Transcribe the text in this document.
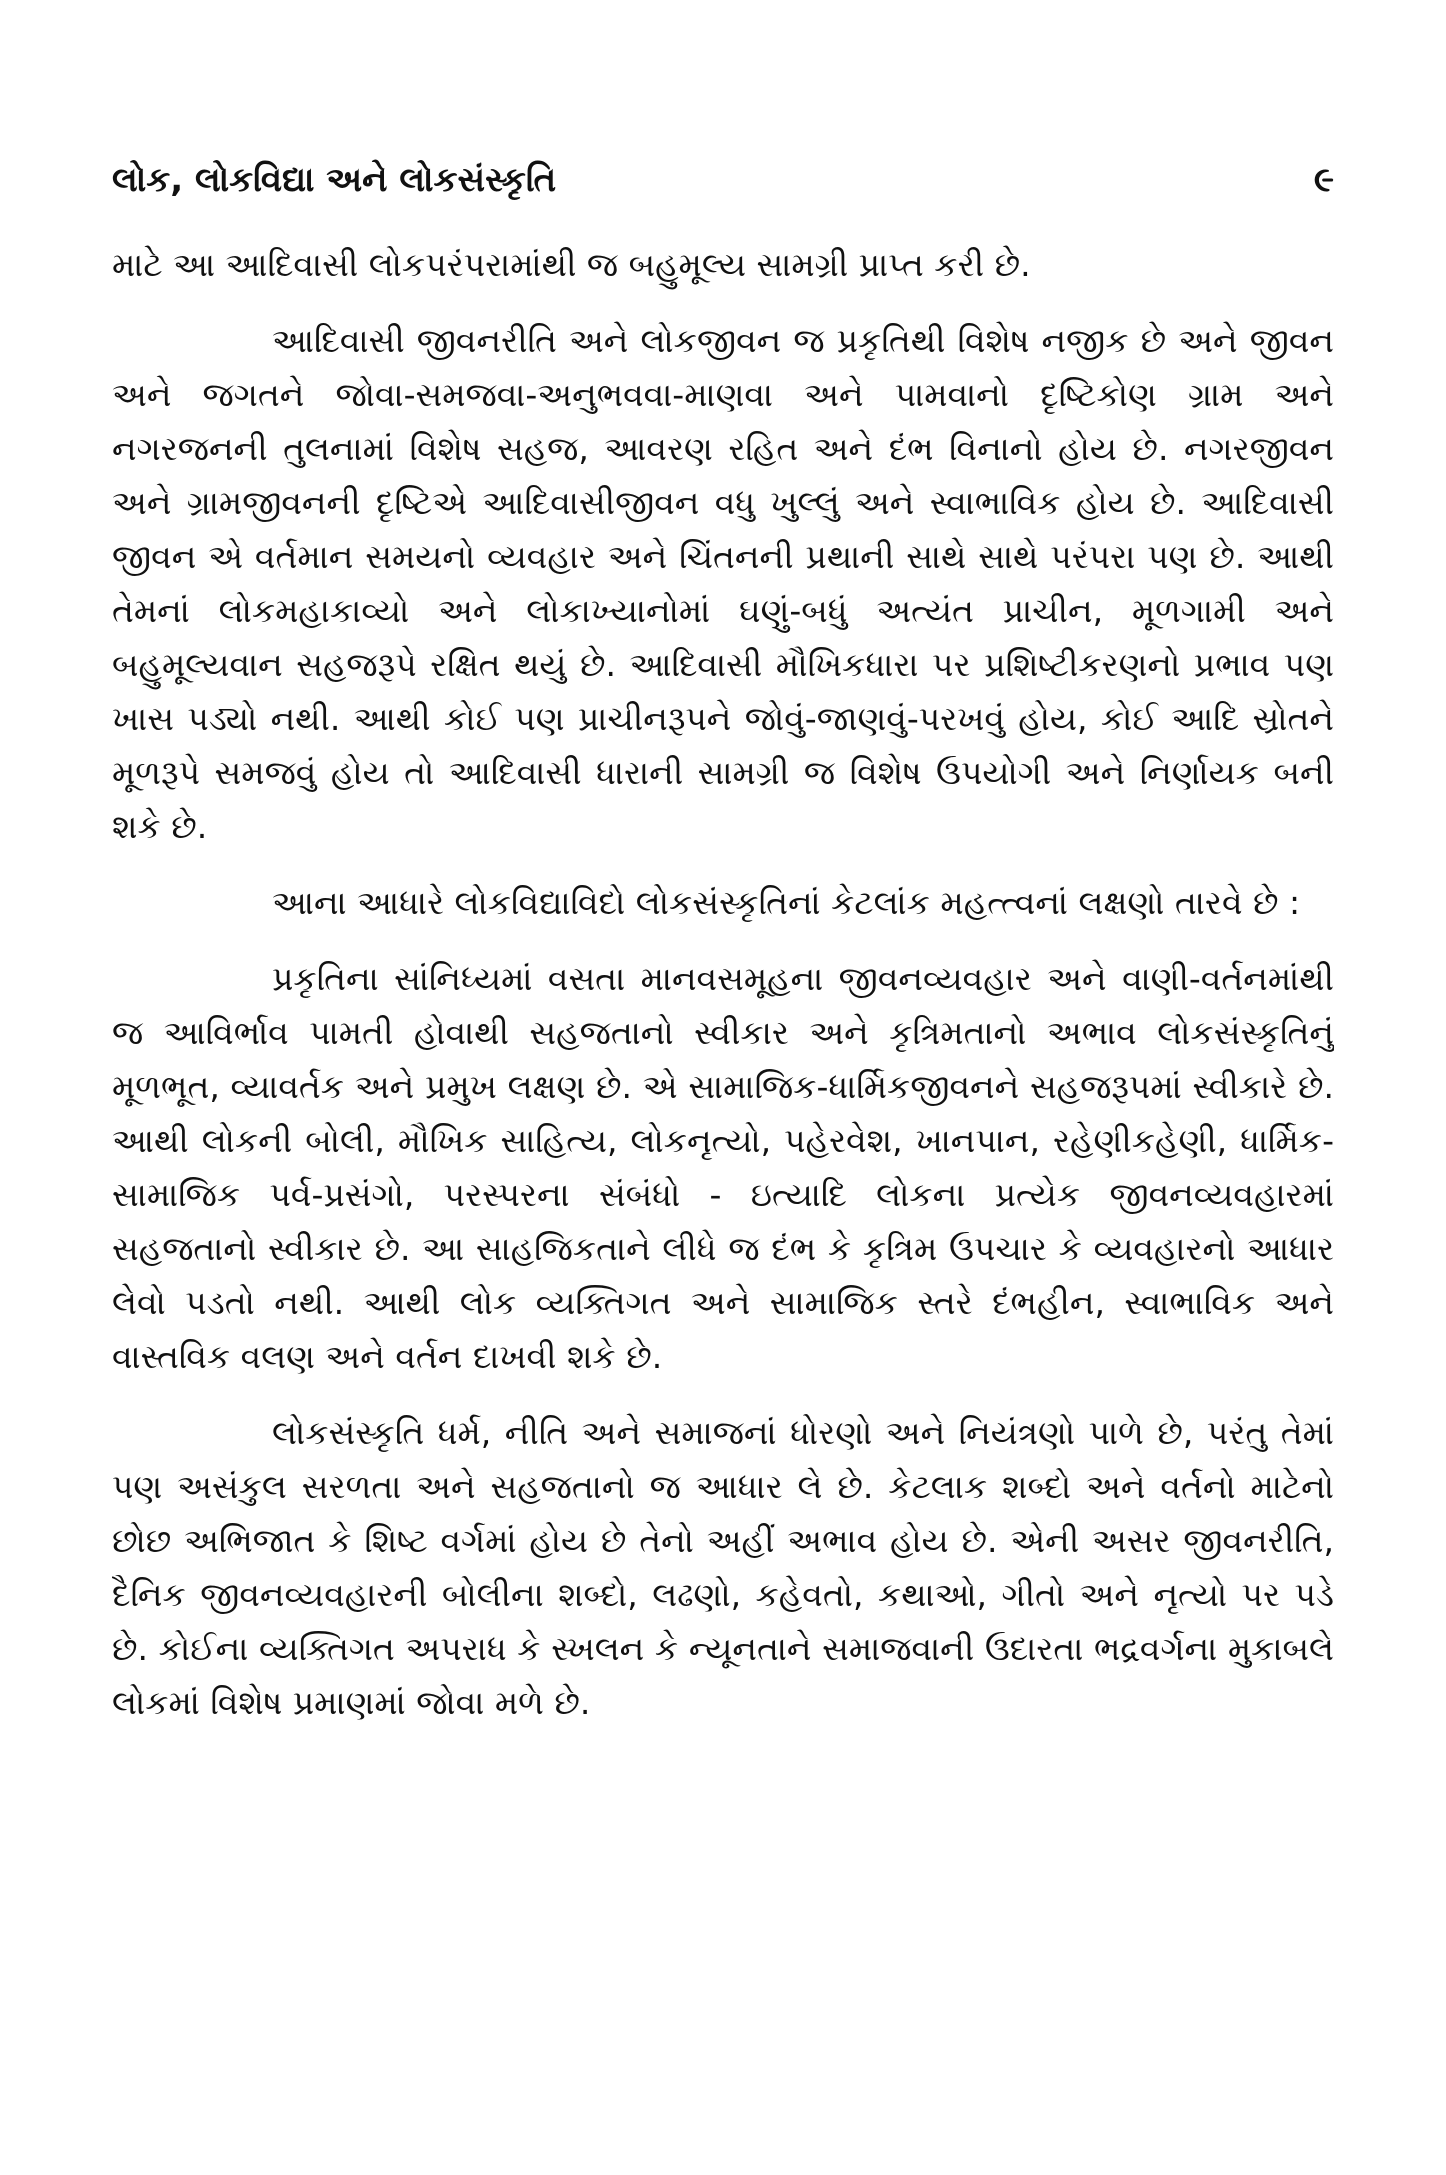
લોક, લોકવિદ્યા અને લોકસંસ્કૃતિ	૯

માટે આ આદિવાસી લોકપરંપરામાંથી જ બહુમૂલ્ય સામગ્રી પ્રાપ્ત કરી છે.

આદિવાસી જીવનરીતિ અને લોકજીવન જ પ્રકૃતિથી વિશેષ નજીક છે અને જીવન અને જગતને જોવા-સમજવા-અનુભવવા-માણવા અને પામવાનો દૃષ્ટિકોણ ગ્રામ અને નગરજનની તુલનામાં વિશેષ સહજ, આવરણ રહિત અને દંભ વિનાનો હોય છે. નગરજીવન અને ગ્રામજીવનની દૃષ્ટિએ આદિવાસીજીવન વધુ ખુલ્લું અને સ્વાભાવિક હોય છે. આદિવાસી જીવન એ વર્તમાન સમયનો વ્યવહાર અને ચિંતનની પ્રથાની સાથે સાથે પરંપરા પણ છે. આથી તેમનાં લોકમહાકાવ્યો અને લોકાખ્યાનોમાં ઘણું-બધું અત્યંત પ્રાચીન, મૂળગામી અને બહુમૂલ્યવાન સહજરૂપે રક્ષિત થયું છે. આદિવાસી મૌખિકધારા પર પ્રશિષ્ટીકરણનો પ્રભાવ પણ ખાસ પડ્યો નથી. આથી કોઈ પણ પ્રાચીનરૂપને જોવું-જાણવું-પરખવું હોય, કોઈ આદિ સ્રોતને મૂળરૂપે સમજવું હોય તો આદિવાસી ધારાની સામગ્રી જ વિશેષ ઉપયોગી અને નિર્ણાયક બની શકે છે.

આના આધારે લોકવિદ્યાવિદો લોકસંસ્કૃતિનાં કેટલાંક મહત્ત્વનાં લક્ષણો તારવે છે :

પ્રકૃતિના સાંનિધ્યમાં વસતા માનવસમૂહના જીવનવ્યવહાર અને વાણી-વર્તનમાંથી જ આવિર્ભાવ પામતી હોવાથી સહજતાનો સ્વીકાર અને કૃત્રિમતાનો અભાવ લોકસંસ્કૃતિનું મૂળભૂત, વ્યાવર્તક અને પ્રમુખ લક્ષણ છે. એ સામાજિક-ધાર્મિકજીવનને સહજરૂપમાં સ્વીકારે છે. આથી લોકની બોલી, મૌખિક સાહિત્ય, લોકનૃત્યો, પહેરવેશ, ખાનપાન, રહેણીકહેણી, ધાર્મિક-સામાજિક પર્વ-પ્રસંગો, પરસ્પરના સંબંધો - ઇત્યાદિ લોકના પ્રત્યેક જીવનવ્યવહારમાં સહજતાનો સ્વીકાર છે. આ સાહજિકતાને લીધે જ દંભ કે કૃત્રિમ ઉપચાર કે વ્યવહારનો આધાર લેવો પડતો નથી. આથી લોક વ્યક્તિગત અને સામાજિક સ્તરે દંભહીન, સ્વાભાવિક અને વાસ્તવિક વલણ અને વર્તન દાખવી શકે છે.

લોકસંસ્કૃતિ ધર્મ, નીતિ અને સમાજનાં ધોરણો અને નિયંત્રણો પાળે છે, પરંતુ તેમાં પણ અસંકુલ સરળતા અને સહજતાનો જ આધાર લે છે. કેટલાક શબ્દો અને વર્તનો માટેનો છોછ અભિજાત કે શિષ્ટ વર્ગમાં હોય છે તેનો અહીં અભાવ હોય છે. એની અસર જીવનરીતિ, દૈનિક જીવનવ્યવહારની બોલીના શબ્દો, લઢણો, કહેવતો, કથાઓ, ગીતો અને નૃત્યો પર પડે છે. કોઈના વ્યક્તિગત અપરાધ કે સ્ખલન કે ન્યૂનતાને સમાજવાની ઉદારતા ભદ્રવર્ગના મુકાબલે લોકમાં વિશેષ પ્રમાણમાં જોવા મળે છે.
